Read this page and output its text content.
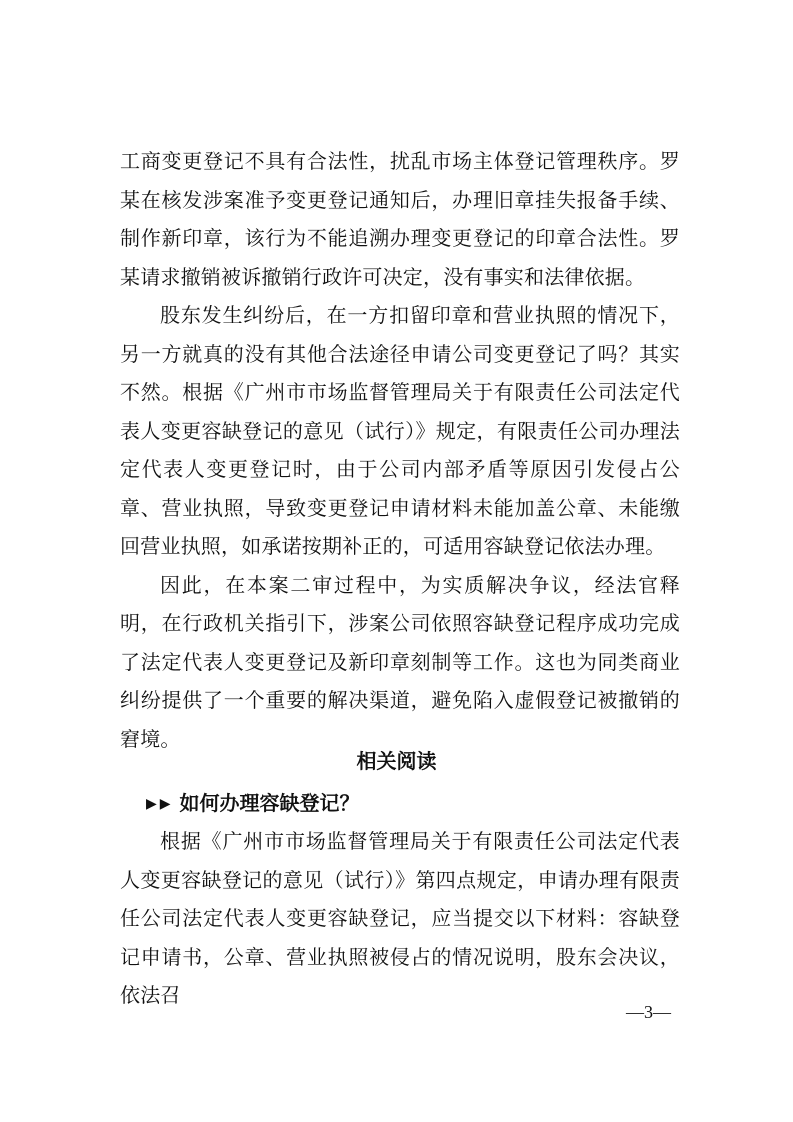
工商变更登记不具有合法性，扰乱市场主体登记管理秩序。罗某在核发涉案准予变更登记通知后，办理旧章挂失报备手续、制作新印章，该行为不能追溯办理变更登记的印章合法性。罗某请求撤销被诉撤销行政许可决定，没有事实和法律依据。

股东发生纠纷后，在一方扣留印章和营业执照的情况下，另一方就真的没有其他合法途径申请公司变更登记了吗？其实不然。根据《广州市市场监督管理局关于有限责任公司法定代表人变更容缺登记的意见（试行）》规定，有限责任公司办理法定代表人变更登记时，由于公司内部矛盾等原因引发侵占公章、营业执照，导致变更登记申请材料未能加盖公章、未能缴回营业执照，如承诺按期补正的，可适用容缺登记依法办理。

因此，在本案二审过程中，为实质解决争议，经法官释明，在行政机关指引下，涉案公司依照容缺登记程序成功完成了法定代表人变更登记及新印章刻制等工作。这也为同类商业纠纷提供了一个重要的解决渠道，避免陷入虚假登记被撤销的窘境。

相关阅读
▶▶ 如何办理容缺登记？

根据《广州市市场监督管理局关于有限责任公司法定代表人变更容缺登记的意见（试行）》第四点规定，申请办理有限责任公司法定代表人变更容缺登记，应当提交以下材料：容缺登记申请书，公章、营业执照被侵占的情况说明，股东会决议，依法召

—3—
